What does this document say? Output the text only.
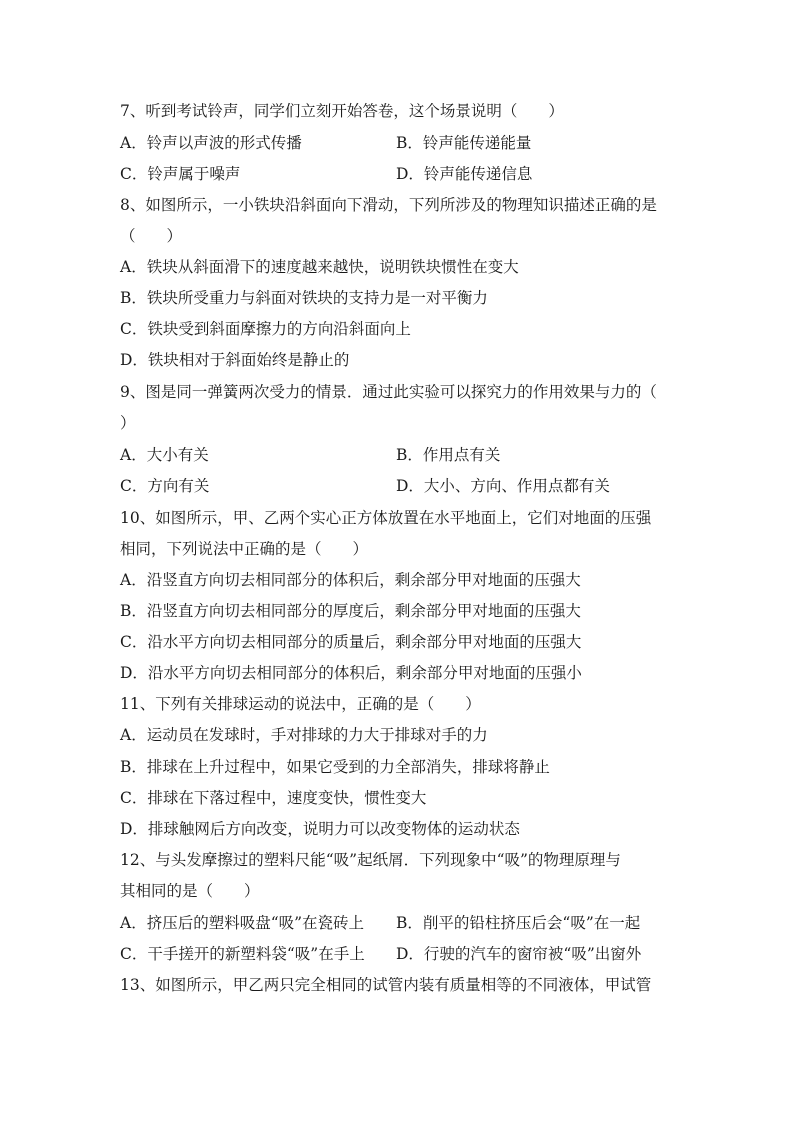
7、听到考试铃声，同学们立刻开始答卷，这个场景说明（　　）
A．铃声以声波的形式传播	B．铃声能传递能量
C．铃声属于噪声	D．铃声能传递信息
8、如图所示，一小铁块沿斜面向下滑动，下列所涉及的物理知识描述正确的是
（　　）
A．铁块从斜面滑下的速度越来越快，说明铁块惯性在变大
B．铁块所受重力与斜面对铁块的支持力是一对平衡力
C．铁块受到斜面摩擦力的方向沿斜面向上
D．铁块相对于斜面始终是静止的
9、图是同一弹簧两次受力的情景．通过此实验可以探究力的作用效果与力的（
）
A．大小有关	B．作用点有关
C．方向有关	D．大小、方向、作用点都有关
10、如图所示，甲、乙两个实心正方体放置在水平地面上，它们对地面的压强
相同，下列说法中正确的是（　　）
A．沿竖直方向切去相同部分的体积后，剩余部分甲对地面的压强大
B．沿竖直方向切去相同部分的厚度后，剩余部分甲对地面的压强大
C．沿水平方向切去相同部分的质量后，剩余部分甲对地面的压强大
D．沿水平方向切去相同部分的体积后，剩余部分甲对地面的压强小
11、下列有关排球运动的说法中，正确的是（　　）
A．运动员在发球时，手对排球的力大于排球对手的力
B．排球在上升过程中，如果它受到的力全部消失，排球将静止
C．排球在下落过程中，速度变快，惯性变大
D．排球触网后方向改变，说明力可以改变物体的运动状态
12、与头发摩擦过的塑料尺能“吸”起纸屑．下列现象中“吸”的物理原理与
其相同的是（　　）
A．挤压后的塑料吸盘“吸”在瓷砖上 B．削平的铅柱挤压后会“吸”在一起
C．干手搓开的新塑料袋“吸”在手上 D．行驶的汽车的窗帘被“吸”出窗外
13、如图所示，甲乙两只完全相同的试管内装有质量相等的不同液体，甲试管
